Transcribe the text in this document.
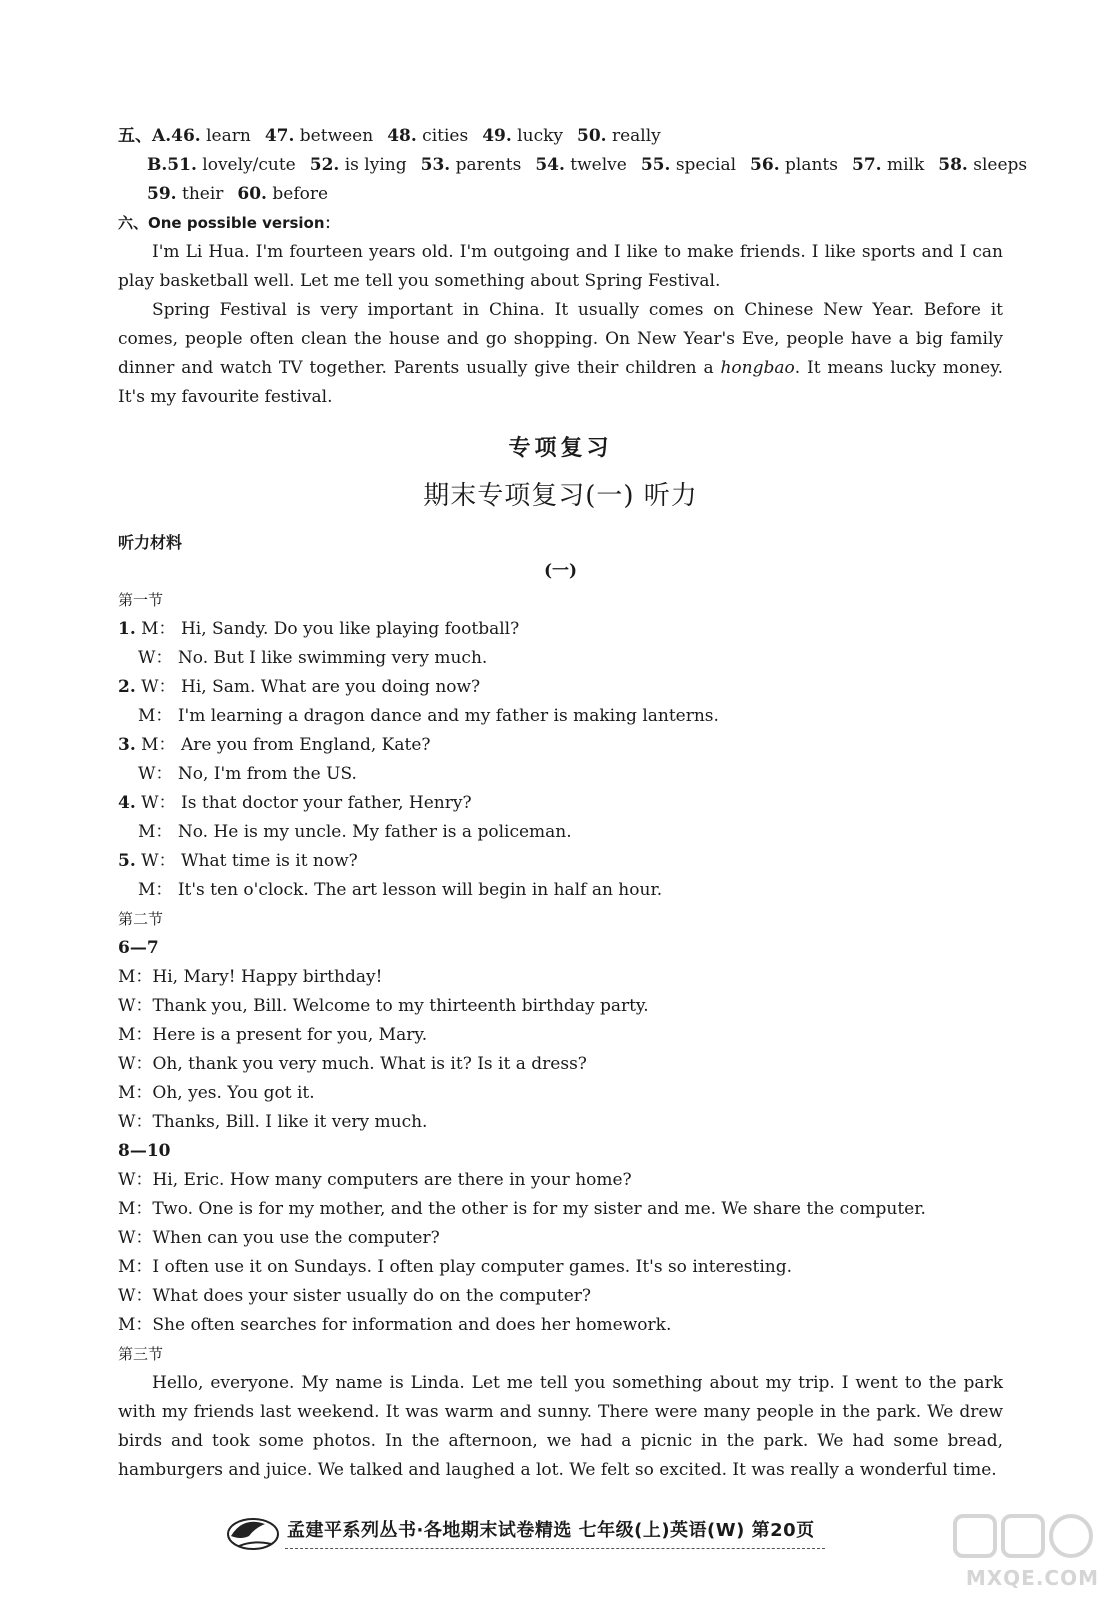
五、A.46. learn 47. between 48. cities 49. lucky 50. really
B.51. lovely/cute 52. is lying 53. parents 54. twelve 55. special 56. plants 57. milk 58. sleeps
59. their 60. before
六、One possible version：
I'm Li Hua. I'm fourteen years old. I'm outgoing and I like to make friends. I like sports and I can play basketball well. Let me tell you something about Spring Festival.
Spring Festival is very important in China. It usually comes on Chinese New Year. Before it comes, people often clean the house and go shopping. On New Year's Eve, people have a big family dinner and watch TV together. Parents usually give their children a hongbao. It means lucky money. It's my favourite festival.
专项复习
期末专项复习(一) 听力
听力材料
(一)
第一节
1. M： Hi, Sandy. Do you like playing football?
W： No. But I like swimming very much.
2. W： Hi, Sam. What are you doing now?
M： I'm learning a dragon dance and my father is making lanterns.
3. M： Are you from England, Kate?
W： No, I'm from the US.
4. W： Is that doctor your father, Henry?
M： No. He is my uncle. My father is a policeman.
5. W： What time is it now?
M： It's ten o'clock. The art lesson will begin in half an hour.
第二节
6—7
M：Hi, Mary! Happy birthday!
W：Thank you, Bill. Welcome to my thirteenth birthday party.
M：Here is a present for you, Mary.
W：Oh, thank you very much. What is it? Is it a dress?
M：Oh, yes. You got it.
W：Thanks, Bill. I like it very much.
8—10
W：Hi, Eric. How many computers are there in your home?
M：Two. One is for my mother, and the other is for my sister and me. We share the computer.
W：When can you use the computer?
M：I often use it on Sundays. I often play computer games. It's so interesting.
W：What does your sister usually do on the computer?
M：She often searches for information and does her homework.
第三节
Hello, everyone. My name is Linda. Let me tell you something about my trip. I went to the park with my friends last weekend. It was warm and sunny. There were many people in the park. We drew birds and took some photos. In the afternoon, we had a picnic in the park. We had some bread, hamburgers and juice. We talked and laughed a lot. We felt so excited. It was really a wonderful time.
孟建平系列丛书·各地期末试卷精选 七年级(上)英语(W) 第20页
MXQE.COM
